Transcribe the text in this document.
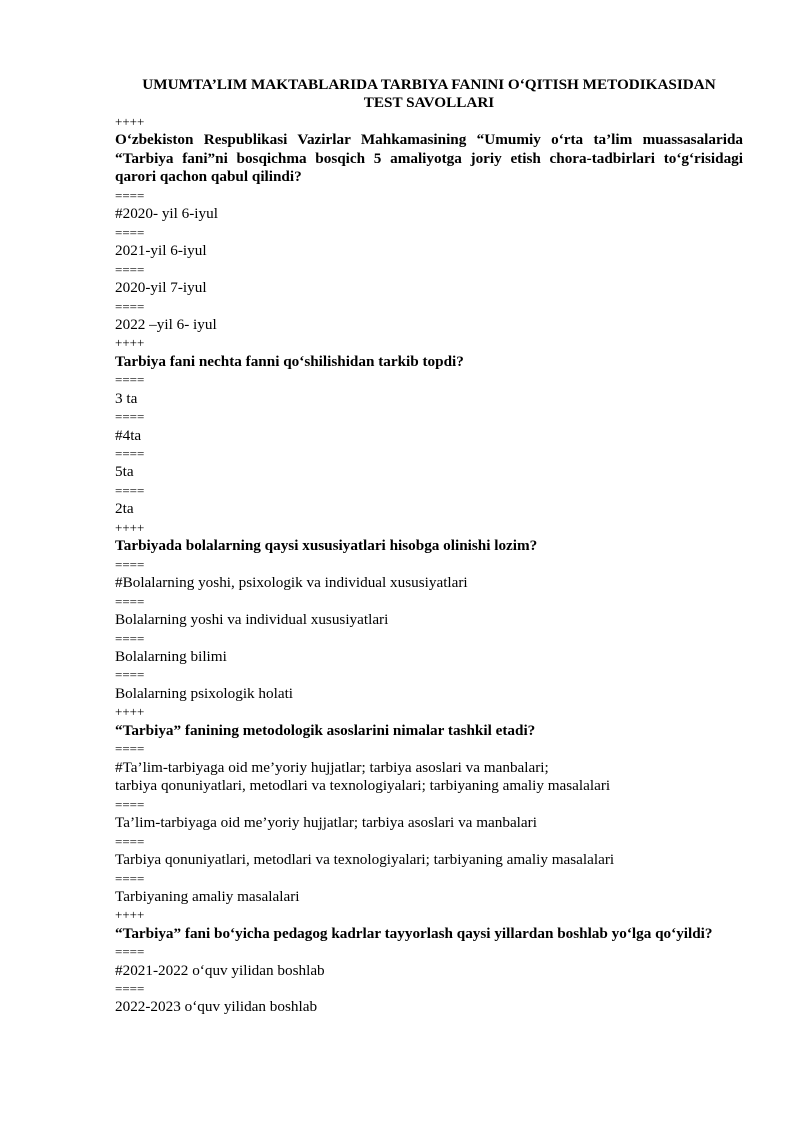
UMUMTA’LIM MAKTABLARIDA TARBIYA FANINI O‘QITISH METODIKASIDAN
TEST SAVOLLARI
++++
O‘zbekiston Respublikasi Vazirlar Mahkamasining “Umumiy o‘rta ta’lim muassasalarida “Tarbiya fani”ni bosqichma bosqich 5 amaliyotga joriy etish chora-tadbirlari to‘g‘risidagi qarori qachon qabul qilindi?
====
#2020- yil 6-iyul
====
2021-yil 6-iyul
====
2020-yil 7-iyul
====
2022 –yil 6- iyul
++++
Tarbiya fani nechta fanni qo‘shilishidan tarkib topdi?
====
3 ta
====
#4ta
====
5ta
====
2ta
++++
Tarbiyada bolalarning qaysi xususiyatlari hisobga olinishi lozim?
====
#Bolalarning yoshi, psixologik va individual xususiyatlari
====
Bolalarning yoshi va individual xususiyatlari
====
Bolalarning bilimi
====
Bolalarning psixologik holati
++++
“Tarbiya” fanining metodologik asoslarini nimalar tashkil etadi?
====
#Ta’lim-tarbiyaga oid me’yoriy hujjatlar; tarbiya asoslari va manbalari;
tarbiya qonuniyatlari, metodlari va texnologiyalari; tarbiyaning amaliy masalalari
====
Ta’lim-tarbiyaga oid me’yoriy hujjatlar; tarbiya asoslari va manbalari
====
Tarbiya qonuniyatlari, metodlari va texnologiyalari; tarbiyaning amaliy masalalari
====
Tarbiyaning amaliy masalalari
++++
“Tarbiya” fani bo‘yicha pedagog kadrlar tayyorlash qaysi yillardan boshlab yo‘lga qo‘yildi?
====
#2021-2022 o‘quv yilidan boshlab
====
2022-2023 o‘quv yilidan boshlab
